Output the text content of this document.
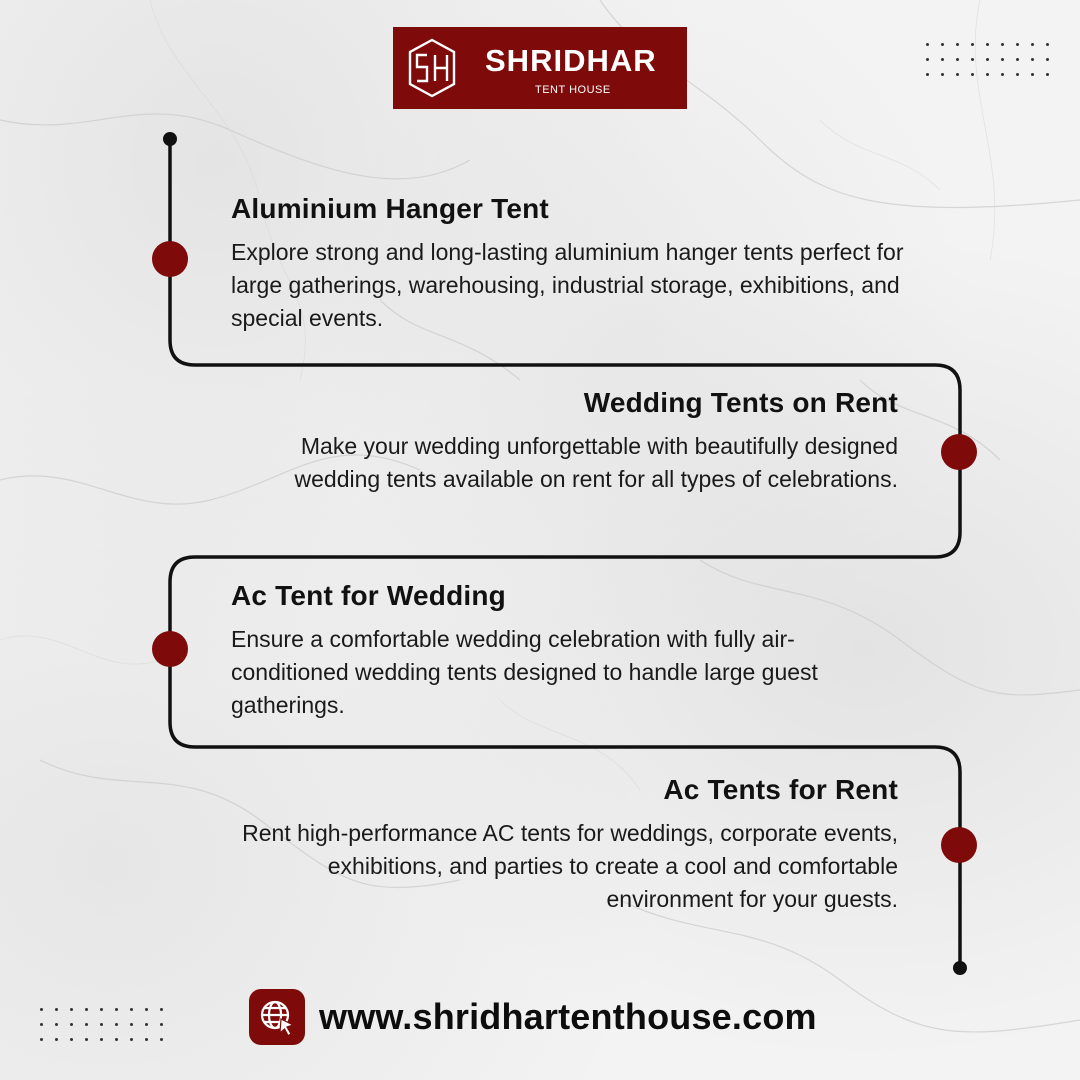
SHRIDHAR
TENT HOUSE
Aluminium Hanger Tent

Explore strong and long-lasting aluminium hanger tents perfect for large gatherings, warehousing, industrial storage, exhibitions, and special events.

Wedding Tents on Rent

Make your wedding unforgettable with beautifully designed wedding tents available on rent for all types of celebrations.

Ac Tent for Wedding

Ensure a comfortable wedding celebration with fully air-conditioned wedding tents designed to handle large guest gatherings.

Ac Tents for Rent

Rent high-performance AC tents for weddings, corporate events, exhibitions, and parties to create a cool and comfortable environment for your guests.

www.shridhartenthouse.com
